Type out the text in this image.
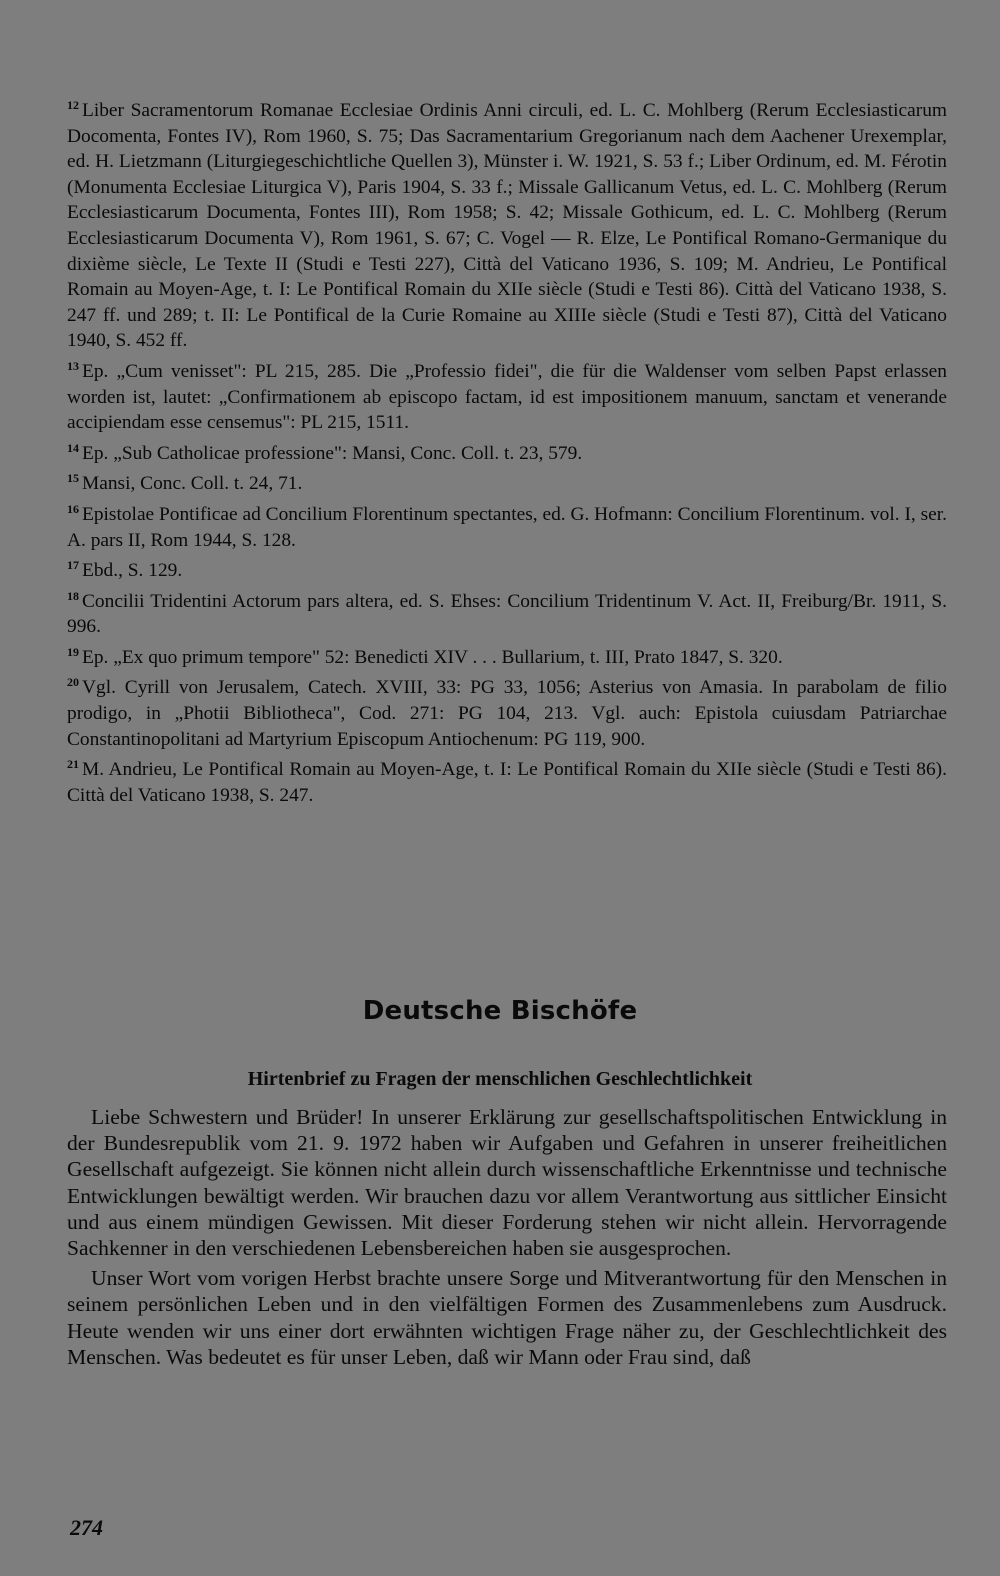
$^{12}$ Liber Sacramentorum Romanae Ecclesiae Ordinis Anni circuli, ed. L. C. Mohlberg (Rerum Ecclesiasticarum Docomenta, Fontes IV), Rom 1960, S. 75; Das Sacramentarium Gregorianum nach dem Aachener Urexemplar, ed. H. Lietzmann (Liturgiegeschichtliche Quellen 3), Münster i. W. 1921, S. 53 f.; Liber Ordinum, ed. M. Férotin (Monumenta Ecclesiae Liturgica V), Paris 1904, S. 33 f.; Missale Gallicanum Vetus, ed. L. C. Mohlberg (Rerum Ecclesiasticarum Documenta, Fontes III), Rom 1958; S. 42; Missale Gothicum, ed. L. C. Mohlberg (Rerum Ecclesiasticarum Documenta V), Rom 1961, S. 67; C. Vogel — R. Elze, Le Pontifical Romano-Germanique du dixième siècle, Le Texte II (Studi e Testi 227), Città del Vaticano 1936, S. 109; M. Andrieu, Le Pontifical Romain au Moyen-Age, t. I: Le Pontifical Romain du XIIe siècle (Studi e Testi 86). Città del Vaticano 1938, S. 247 ff. und 289; t. II: Le Pontifical de la Curie Romaine au XIIIe siècle (Studi e Testi 87), Città del Vaticano 1940, S. 452 ff.

$^{13}$ Ep. „Cum venisset": PL 215, 285. Die „Professio fidei", die für die Waldenser vom selben Papst erlassen worden ist, lautet: „Confirmationem ab episcopo factam, id est impositionem manuum, sanctam et venerande accipiendam esse censemus": PL 215, 1511.

$^{14}$ Ep. „Sub Catholicae professione": Mansi, Conc. Coll. t. 23, 579.

$^{15}$ Mansi, Conc. Coll. t. 24, 71.

$^{16}$ Epistolae Pontificae ad Concilium Florentinum spectantes, ed. G. Hofmann: Concilium Florentinum. vol. I, ser. A. pars II, Rom 1944, S. 128.

$^{17}$ Ebd., S. 129.

$^{18}$ Concilii Tridentini Actorum pars altera, ed. S. Ehses: Concilium Tridentinum V. Act. II, Freiburg/Br. 1911, S. 996.

$^{19}$ Ep. „Ex quo primum tempore" 52: Benedicti XIV . . . Bullarium, t. III, Prato 1847, S. 320.

$^{20}$ Vgl. Cyrill von Jerusalem, Catech. XVIII, 33: PG 33, 1056; Asterius von Amasia. In parabolam de filio prodigo, in „Photii Bibliotheca", Cod. 271: PG 104, 213. Vgl. auch: Epistola cuiusdam Patriarchae Constantinopolitani ad Martyrium Episcopum Antiochenum: PG 119, 900.

$^{21}$ M. Andrieu, Le Pontifical Romain au Moyen-Age, t. I: Le Pontifical Romain du XIIe siècle (Studi e Testi 86). Città del Vaticano 1938, S. 247.

Deutsche Bischöfe
Hirtenbrief zu Fragen der menschlichen Geschlechtlichkeit

Liebe Schwestern und Brüder! In unserer Erklärung zur gesellschaftspolitischen Entwicklung in der Bundesrepublik vom 21. 9. 1972 haben wir Aufgaben und Gefahren in unserer freiheitlichen Gesellschaft aufgezeigt. Sie können nicht allein durch wissenschaftliche Erkenntnisse und technische Entwicklungen bewältigt werden. Wir brauchen dazu vor allem Verantwortung aus sittlicher Einsicht und aus einem mündigen Gewissen. Mit dieser Forderung stehen wir nicht allein. Hervorragende Sachkenner in den verschiedenen Lebensbereichen haben sie ausgesprochen.

Unser Wort vom vorigen Herbst brachte unsere Sorge und Mitverantwortung für den Menschen in seinem persönlichen Leben und in den vielfältigen Formen des Zusammenlebens zum Ausdruck. Heute wenden wir uns einer dort erwähnten wichtigen Frage näher zu, der Geschlechtlichkeit des Menschen. Was bedeutet es für unser Leben, daß wir Mann oder Frau sind, daß

274
